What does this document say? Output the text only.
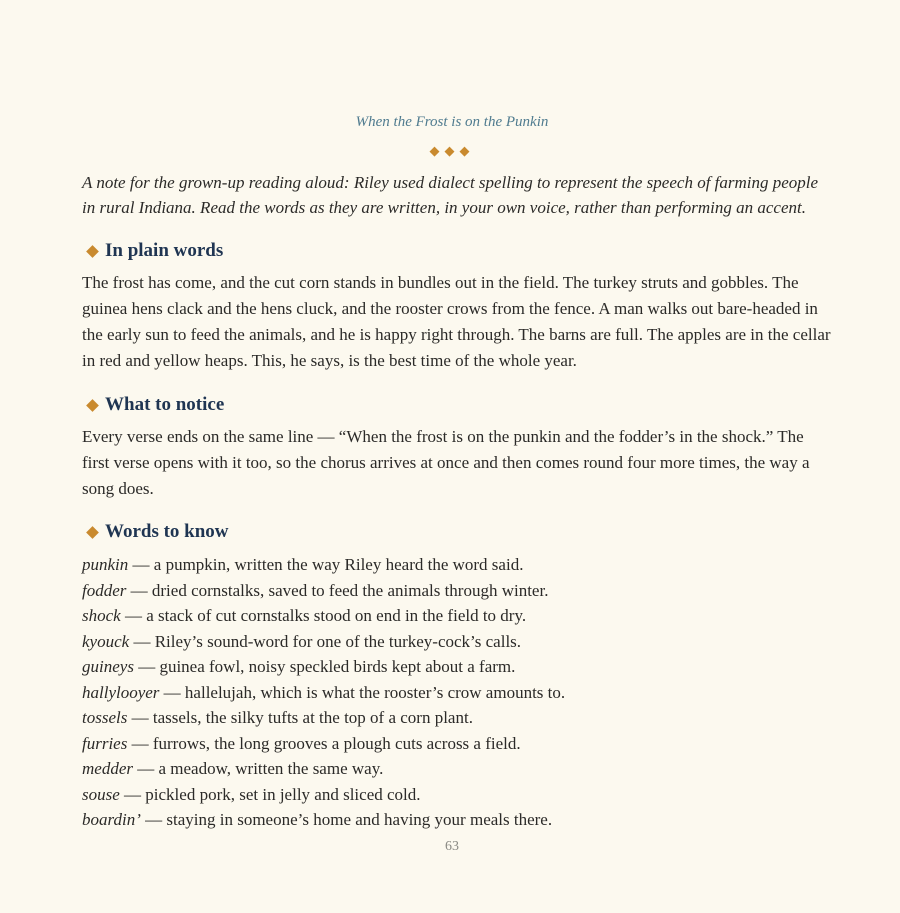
When the Frost is on the Punkin
◆◆◆

A note for the grown-up reading aloud: Riley used dialect spelling to represent the speech of farming people in rural Indiana. Read the words as they are written, in your own voice, rather than performing an accent.

In plain words

The frost has come, and the cut corn stands in bundles out in the field. The turkey struts and gobbles. The guinea hens clack and the hens cluck, and the rooster crows from the fence. A man walks out bare-headed in the early sun to feed the animals, and he is happy right through. The barns are full. The apples are in the cellar in red and yellow heaps. This, he says, is the best time of the whole year.

What to notice

Every verse ends on the same line — “When the frost is on the punkin and the fodder’s in the shock.” The first verse opens with it too, so the chorus arrives at once and then comes round four more times, the way a song does.

Words to know
punkin — a pumpkin, written the way Riley heard the word said.
fodder — dried cornstalks, saved to feed the animals through winter.
shock — a stack of cut cornstalks stood on end in the field to dry.
kyouck — Riley’s sound-word for one of the turkey-cock’s calls.
guineys — guinea fowl, noisy speckled birds kept about a farm.
hallylooyer — hallelujah, which is what the rooster’s crow amounts to.
tossels — tassels, the silky tufts at the top of a corn plant.
furries — furrows, the long grooves a plough cuts across a field.
medder — a meadow, written the same way.
souse — pickled pork, set in jelly and sliced cold.
boardin’ — staying in someone’s home and having your meals there.
63
